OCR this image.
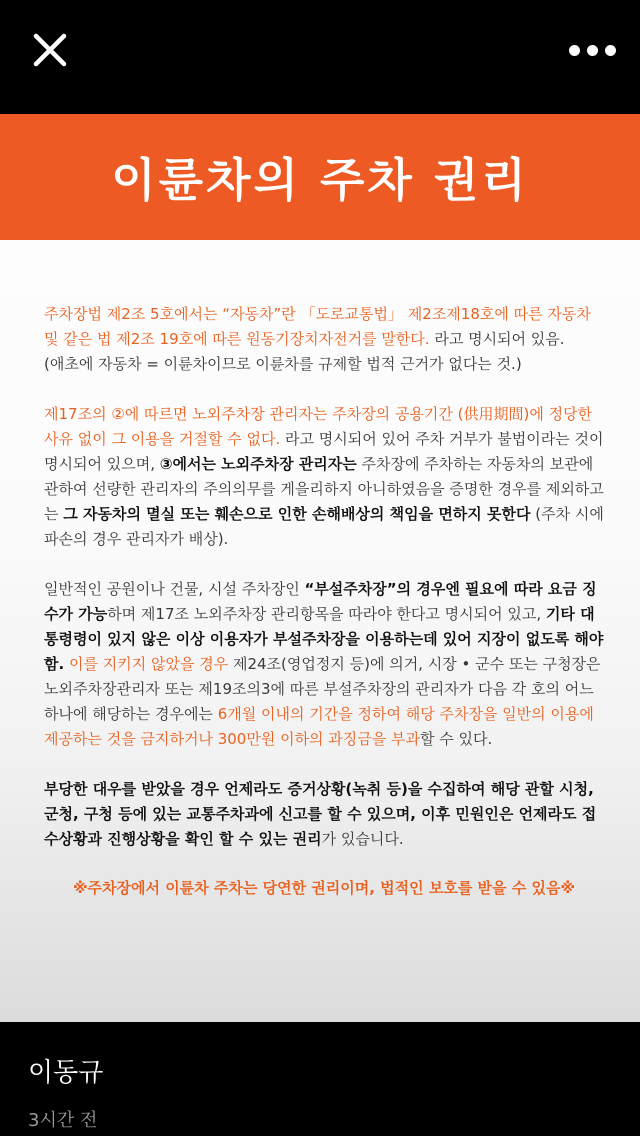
이륜차의 주차 권리
주차장법 제2조 5호에서는 “자동차”란 「도로교통법」 제2조제18호에 따른 자동차 및 같은 법 제2조 19호에 따른 원동기장치자전거를 말한다. 라고 명시되어 있음.
(애초에 자동차 = 이륜차이므로 이륜차를 규제할 법적 근거가 없다는 것.)
제17조의 ②에 따르면 노외주차장 관리자는 주차장의 공용기간 (供用期間)에 정당한 사유 없이 그 이용을 거절할 수 없다. 라고 명시되어 있어 주차 거부가 불법이라는 것이 명시되어 있으며, ③에서는 노외주차장 관리자는 주차장에 주차하는 자동차의 보관에 관하여 선량한 관리자의 주의의무를 게을리하지 아니하였음을 증명한 경우를 제외하고는 그 자동차의 멸실 또는 훼손으로 인한 손해배상의 책임을 면하지 못한다 (주차 시에 파손의 경우 관리자가 배상).
일반적인 공원이나 건물, 시설 주차장인 “부설주차장”의 경우엔 필요에 따라 요금 징수가 가능하며 제17조 노외주차장 관리항목을 따라야 한다고 명시되어 있고, 기타 대통령령이 있지 않은 이상 이용자가 부설주차장을 이용하는데 있어 지장이 없도록 해야 함. 이를 지키지 않았을 경우 제24조(영업정지 등)에 의거, 시장 • 군수 또는 구청장은 노외주차장관리자 또는 제19조의3에 따른 부설주차장의 관리자가 다음 각 호의 어느 하나에 해당하는 경우에는 6개월 이내의 기간을 정하여 해당 주차장을 일반의 이용에 제공하는 것을 금지하거나 300만원 이하의 과징금을 부과할 수 있다.
부당한 대우를 받았을 경우 언제라도 증거상황(녹취 등)을 수집하여 해당 관할 시청, 군청, 구청 등에 있는 교통주차과에 신고를 할 수 있으며, 이후 민원인은 언제라도 접수상황과 진행상황을 확인 할 수 있는 권리가 있습니다.
※주차장에서 이륜차 주차는 당연한 권리이며, 법적인 보호를 받을 수 있음※
이동규
3시간 전
